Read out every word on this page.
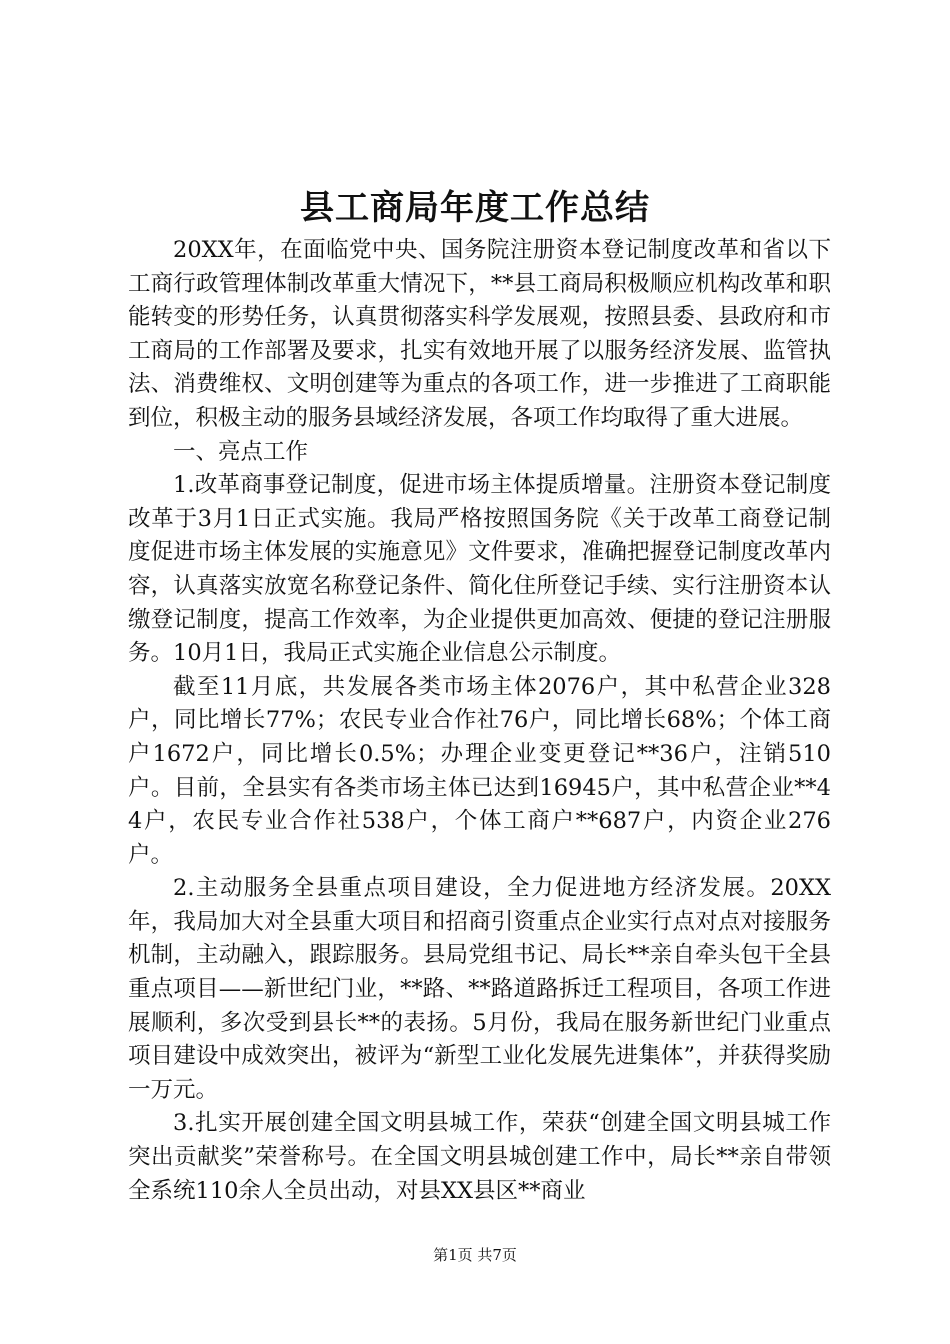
县工商局年度工作总结

20XX年，在面临党中央、国务院注册资本登记制度改革和省以下工商行政管理体制改革重大情况下，**县工商局积极顺应机构改革和职能转变的形势任务，认真贯彻落实科学发展观，按照县委、县政府和市工商局的工作部署及要求，扎实有效地开展了以服务经济发展、监管执法、消费维权、文明创建等为重点的各项工作，进一步推进了工商职能到位，积极主动的服务县域经济发展，各项工作均取得了重大进展。

一、亮点工作

1.改革商事登记制度，促进市场主体提质增量。注册资本登记制度改革于3月1日正式实施。我局严格按照国务院《关于改革工商登记制度促进市场主体发展的实施意见》文件要求，准确把握登记制度改革内容，认真落实放宽名称登记条件、简化住所登记手续、实行注册资本认缴登记制度，提高工作效率，为企业提供更加高效、便捷的登记注册服务。10月1日，我局正式实施企业信息公示制度。

截至11月底，共发展各类市场主体2076户，其中私营企业328户，同比增长77%；农民专业合作社76户，同比增长68%；个体工商户1672户，同比增长0.5%；办理企业变更登记**36户，注销510户。目前，全县实有各类市场主体已达到16945户，其中私营企业**44户，农民专业合作社538户，个体工商户**687户，内资企业276户。

2.主动服务全县重点项目建设，全力促进地方经济发展。20XX年，我局加大对全县重大项目和招商引资重点企业实行点对点对接服务机制，主动融入，跟踪服务。县局党组书记、局长**亲自牵头包干全县重点项目——新世纪门业，**路、**路道路拆迁工程项目，各项工作进展顺利，多次受到县长**的表扬。5月份，我局在服务新世纪门业重点项目建设中成效突出，被评为“新型工业化发展先进集体”，并获得奖励一万元。

3.扎实开展创建全国文明县城工作，荣获“创建全国文明县城工作突出贡献奖”荣誉称号。在全国文明县城创建工作中，局长**亲自带领全系统110余人全员出动，对县XX县区**商业

第1页 共7页
